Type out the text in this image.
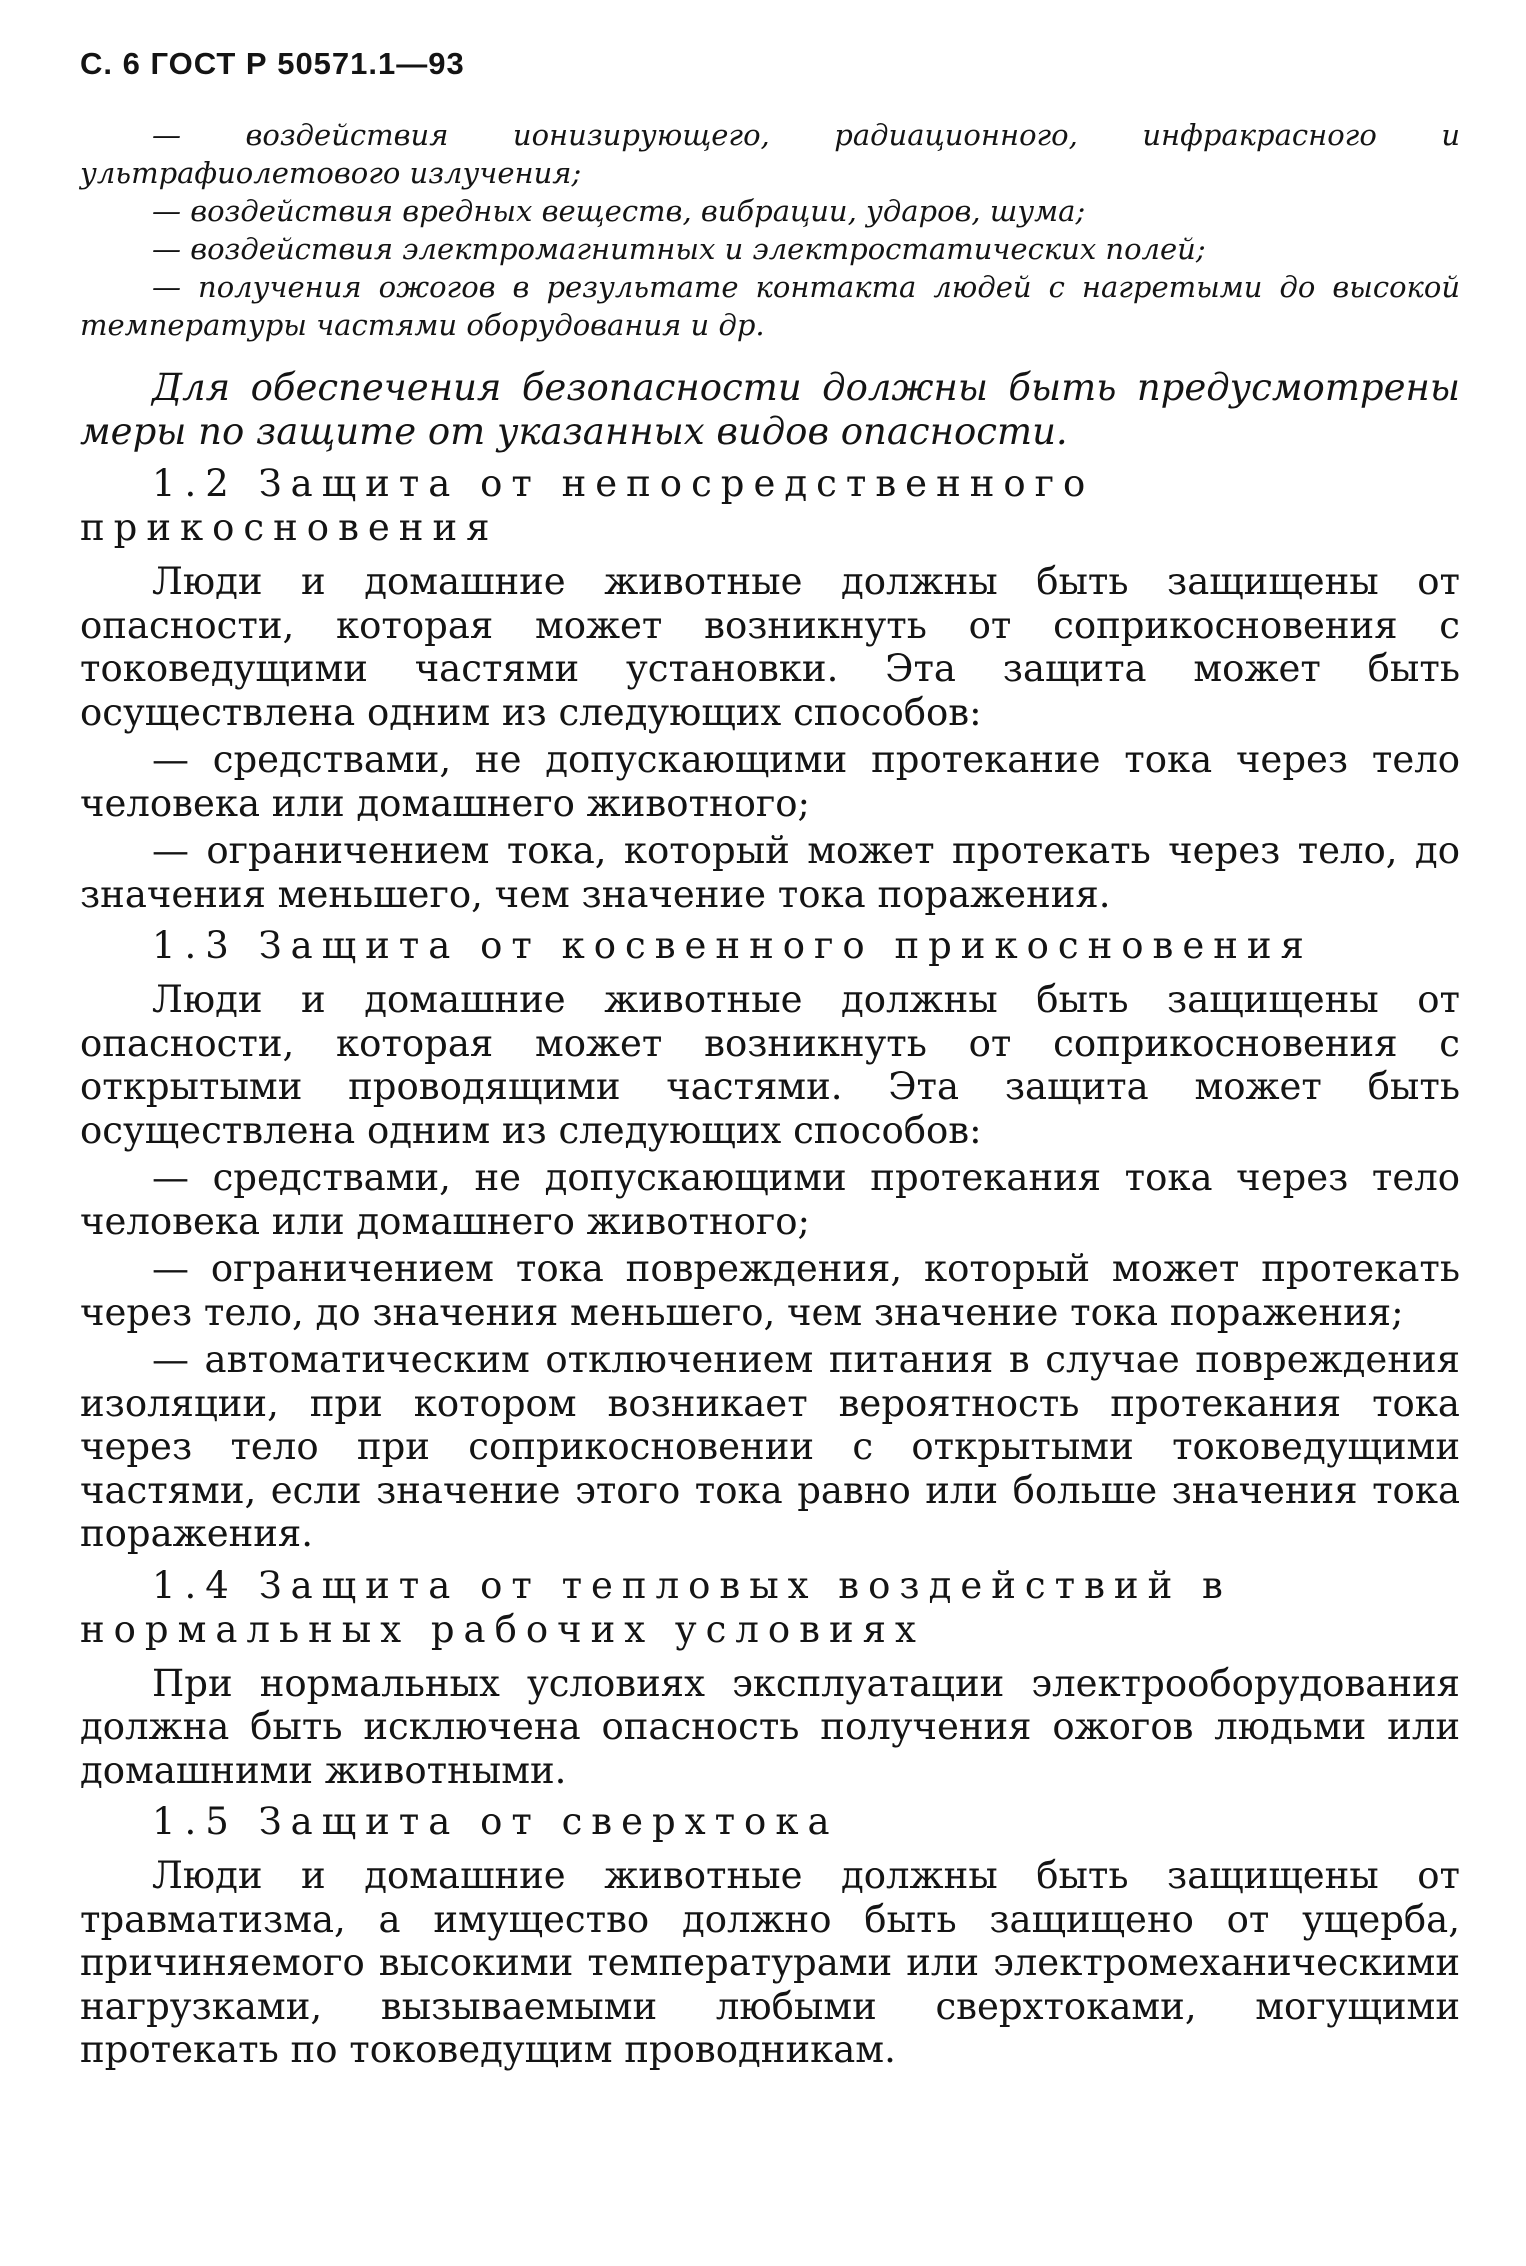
С. 6 ГОСТ Р 50571.1—93

— воздействия ионизирующего, радиационного, инфракрасного и ультрафиолетового излучения;

— воздействия вредных веществ, вибрации, ударов, шума;

— воздействия электромагнитных и электростатических полей;

— получения ожогов в результате контакта людей с нагретыми до высокой температуры частями оборудования и др.

Для обеспечения безопасности должны быть предусмотрены меры по защите от указанных видов опасности.

1.2 Защита от непосредственного прикосновения

Люди и домашние животные должны быть защищены от опасности, которая может возникнуть от соприкосновения с токоведущими частями установки. Эта защита может быть осуществлена одним из следующих способов:

— средствами, не допускающими протекание тока через тело человека или домашнего животного;

— ограничением тока, который может протекать через тело, до значения меньшего, чем значение тока поражения.

1.3 Защита от косвенного прикосновения

Люди и домашние животные должны быть защищены от опасности, которая может возникнуть от соприкосновения с открытыми проводящими частями. Эта защита может быть осуществлена одним из следующих способов:

— средствами, не допускающими протекания тока через тело человека или домашнего животного;

— ограничением тока повреждения, который может протекать через тело, до значения меньшего, чем значение тока поражения;

— автоматическим отключением питания в случае повреждения изоляции, при котором возникает вероятность протекания тока через тело при соприкосновении с открытыми токоведущими частями, если значение этого тока равно или больше значения тока поражения.

1.4 Защита от тепловых воздействий в нормальных рабочих условиях

При нормальных условиях эксплуатации электрооборудования должна быть исключена опасность получения ожогов людьми или домашними животными.

1.5 Защита от сверхтока

Люди и домашние животные должны быть защищены от травматизма, а имущество должно быть защищено от ущерба, причиняемого высокими температурами или электромеханическими нагрузками, вызываемыми любыми сверхтоками, могущими протекать по токоведущим проводникам.
